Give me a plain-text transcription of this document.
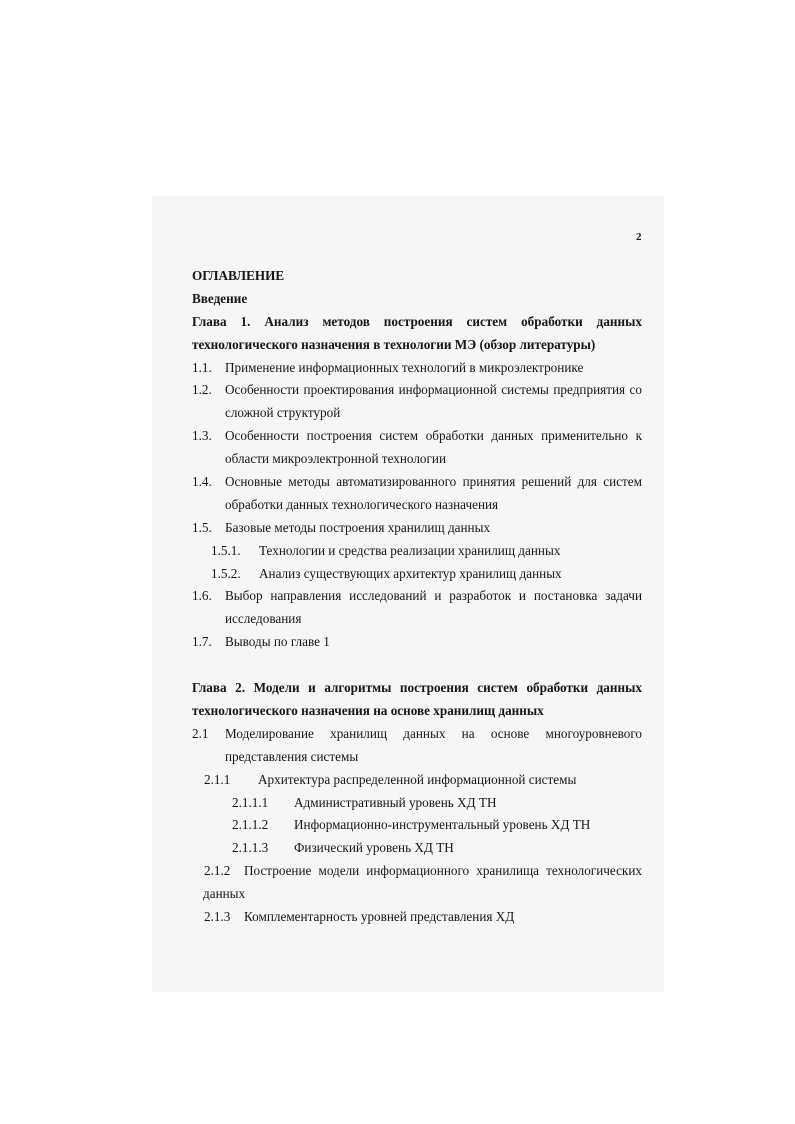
2
ОГЛАВЛЕНИЕ
Введение
Глава 1. Анализ методов построения систем обработки данных
технологического назначения в технологии МЭ (обзор литературы)
1.1. Применение информационных технологий в микроэлектронике
1.2. Особенности проектирования информационной системы предприятия со
сложной структурой
1.3. Особенности построения систем обработки данных применительно к
области микроэлектронной технологии
1.4. Основные методы автоматизированного принятия решений для систем
обработки данных технологического назначения
1.5. Базовые методы построения хранилищ данных
1.5.1. Технологии и средства реализации хранилищ данных
1.5.2. Анализ существующих архитектур хранилищ данных
1.6. Выбор направления исследований и разработок и постановка задачи
исследования
1.7. Выводы по главе 1
Глава 2. Модели и алгоритмы построения систем обработки данных
технологического назначения на основе хранилищ данных
2.1 Моделирование хранилищ данных на основе многоуровневого
представления системы
2.1.1 Архитектура распределенной информационной системы
2.1.1.1 Административный уровень ХД ТН
2.1.1.2 Информационно-инструментальный уровень ХД ТН
2.1.1.3 Физический уровень ХД ТН
2.1.2 Построение модели информационного хранилища технологических
данных
2.1.3 Комплементарность уровней представления ХД
